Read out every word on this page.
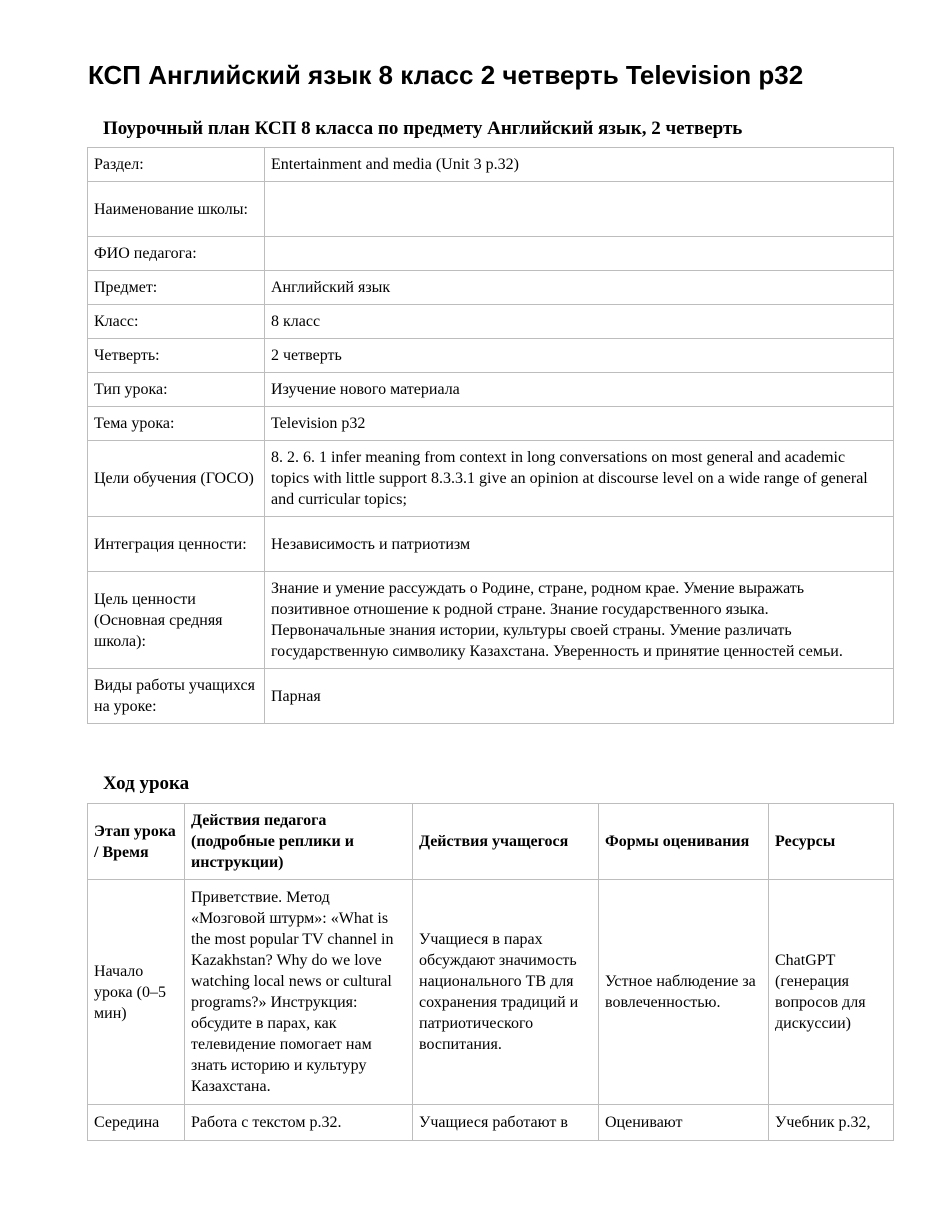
КСП Английский язык 8 класс 2 четверть Television p32
Поурочный план КСП 8 класса по предмету Английский язык, 2 четверть
Раздел:	Entertainment and media (Unit 3 p.32)
Наименование школы:	
ФИО педагога:	
Предмет:	Английский язык
Класс:	8 класс
Четверть:	2 четверть
Тип урока:	Изучение нового материала
Тема урока:	Television p32
Цели обучения (ГОСО)	8. 2. 6. 1 infer meaning from context in long conversations on most general and academic topics with little support 8.3.3.1 give an opinion at discourse level on a wide range of general and curricular topics;
Интеграция ценности:	Независимость и патриотизм
Цель ценности (Основная средняя школа):	Знание и умение рассуждать о Родине, стране, родном крае. Умение выражать позитивное отношение к родной стране. Знание государственного языка. Первоначальные знания истории, культуры своей страны. Умение различать государственную символику Казахстана. Уверенность и принятие ценностей семьи.
Виды работы учащихся на уроке:	Парная
Ход урока
Этап урока / Время	Действия педагога (подробные реплики и инструкции)	Действия учащегося	Формы оценивания	Ресурсы
Начало урока (0–5 мин)	Приветствие. Метод «Мозговой штурм»: «What is the most popular TV channel in Kazakhstan? Why do we love watching local news or cultural programs?» Инструкция: обсудите в парах, как телевидение помогает нам знать историю и культуру Казахстана.	Учащиеся в парах обсуждают значимость национального ТВ для сохранения традиций и патриотического воспитания.	Устное наблюдение за вовлеченностью.	ChatGPT (генерация вопросов для дискуссии)
Середина	Работа с текстом p.32.	Учащиеся работают в	Оценивают	Учебник p.32,
